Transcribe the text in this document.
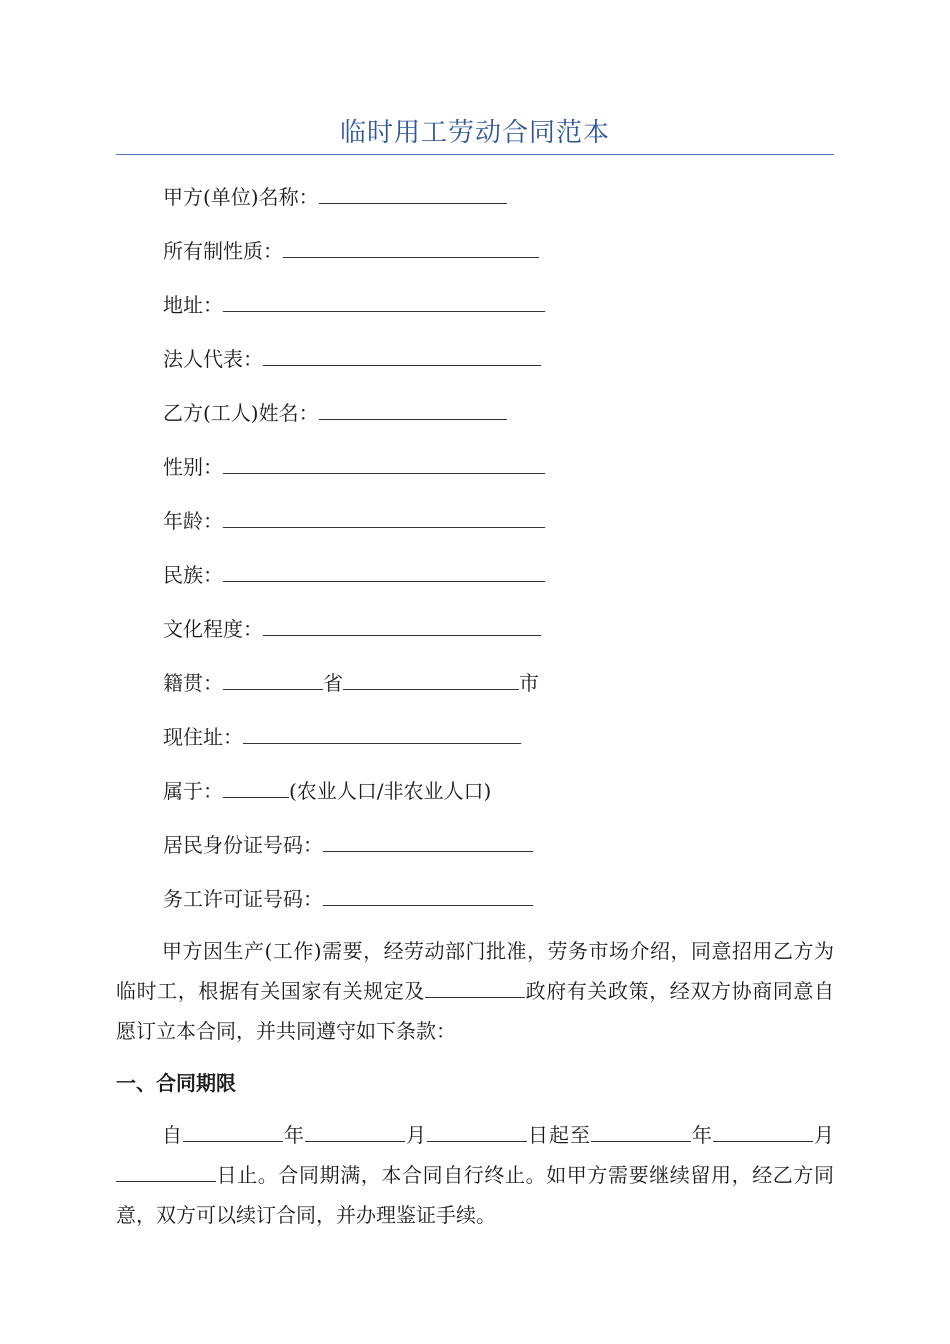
临时用工劳动合同范本
甲方(单位)名称：
所有制性质：
地址：
法人代表：
乙方(工人)姓名：
性别：
年龄：
民族：
文化程度：
籍贯：	省	市
现住址：
属于：	(农业人口/非农业人口)
居民身份证号码：
务工许可证号码：
甲方因生产(工作)需要，经劳动部门批准，劳务市场介绍，同意招用乙方为临时工，根据有关国家有关规定及	政府有关政策，经双方协商同意自愿订立本合同，并共同遵守如下条款：
一、合同期限
自	年	月	日起至	年	月日止。合同期满，本合同自行终止。如甲方需要继续留用，经乙方同意，双方可以续订合同，并办理鉴证手续。
